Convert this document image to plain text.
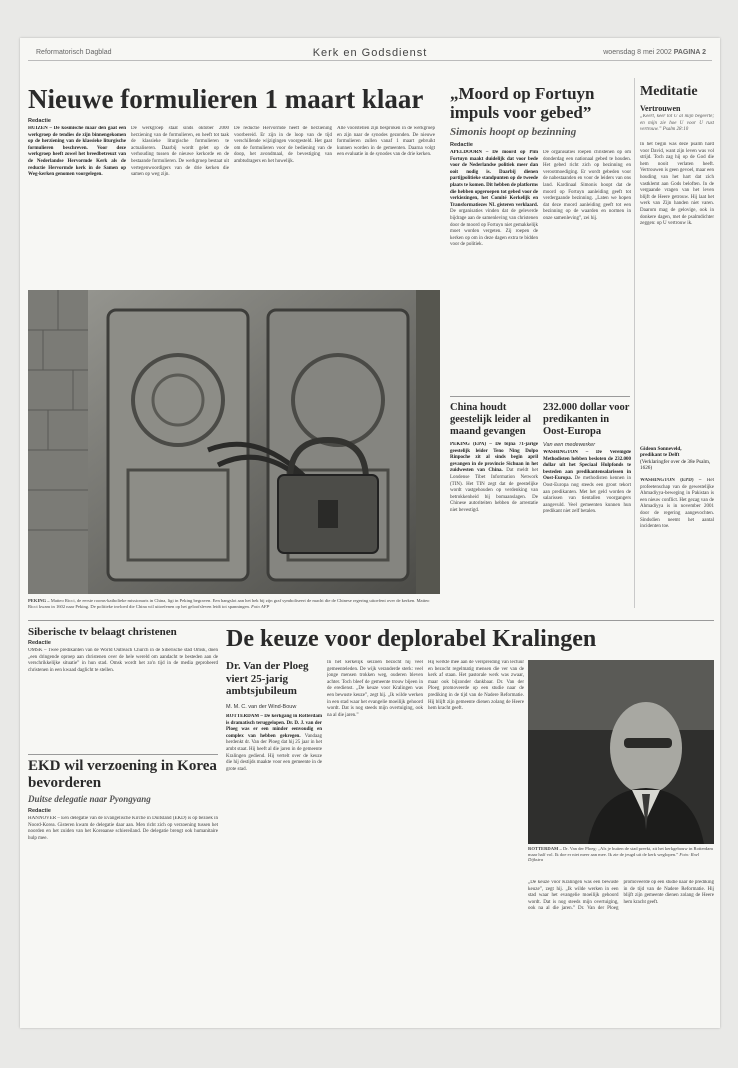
Reformatorisch Dagblad	Kerk en Godsdienst	woensdag 8 mei 2002 PAGINA 2
Nieuwe formulieren 1 maart klaar
Redactie
HUIZEN – De kosmische maar den gaat een werkgroep de tendies de zijn binnengekomen op de herziening van de klassieke liturgische formulieren beschreven. Voor deze werkgroep heeft zowel het breedbetreuzt van de Nederlandse Hervormde Kerk als de reductie Hervormde kerk in de Samen op Weg-kerken genomen voorgelegen.
De werkgroep staat sinds oktober 2000 herziening van de formulieren, en heeft tot taak de klassieke liturgische formulieren te actualiseren. Daarbij wordt gelet op de verhouding tussen de nieuwe kerkorde en de bestaande formulieren. De werkgroep bestaat uit vertegenwoordigers van de drie kerken die samen op weg zijn.
De reductie Hervormde heeft de herziening voorbereid. Er zijn in de loop van de tijd verschillende wijzigingen voorgesteld. Het gaat om de formulieren voor de bediening van de doop, het avondmaal, de bevestiging van ambtsdragers en het huwelijk.
Alle voorstellen zijn besproken in de werkgroep en zijn naar de synodes gezonden. De nieuwe formulieren zullen vanaf 1 maart gebruikt kunnen worden in de gemeenten. Daarna volgt een evaluatie in de synodes van de drie kerken.
„Moord op Fortuyn impuls voor gebed”
Simonis hoopt op bezinning
Redactie
APELDOORN – De moord op Pim Fortuyn maakt duidelijk dat voor bede voor de Nederlandse politiek meer dan ooit nodig is. Daarbij dienen partijpolitieke standpunten op de tweede plaats te komen. Dit hebben de platforms die hebben opgeroepen tot gebed voor de verkiezingen, het Comité Kerkelijk en Transformatiezes NL gisteren verklaard. De organisaties vinden dat de geleverde bijdrage aan de samenleving van christenen door de moord op Fortuyn niet gemakkelijk moet worden vergeten. Zij roepen de kerken op om in deze dagen extra te bidden voor de politiek.
De organisaties roepen christenen op om donderdag een nationaal gebed te houden. Het gebed richt zich op bezinning en verootmoediging. Er wordt gebeden voor de nabestaanden en voor de leiders van ons land. Kardinaal Simonis hoopt dat de moord op Fortuyn aanleiding geeft tot verdergaande bezinning. „Laten we hopen dat deze moord aanleiding geeft tot een bezinning op de waarden en normen in onze samenleving”, zei hij.
PEKING – Matteo Ricci, de eerste rooms-katholieke missionaris in China, ligt in Peking begraven. Een hangslot aan het hek bij zijn graf symboliseert de macht die de Chinese regering uitoefent over de kerken. Matteo Ricci kwam in 1602 naar Peking. De politieke invloed die China wil uitoefenen op het geloofsleven leidt tot spanningen. Foto AFP
China houdt geestelijk leider al maand gevangen
PEKING (EPA) – De bijna 71-jarige geestelijk leider Teno Ning Dolpo Rinpoche zit al sinds begin april gevangen in de provincie Sichuan in het zuidwesten van China. Dat meldt het Londense Tibet Information Network (TIN). Het TIN zegt dat de geestelijke wordt vastgehouden op verdenking van betrokkenheid bij bomaanslagen. De Chinese autoriteiten hebben de arrestatie niet bevestigd.
232.000 dollar voor predikanten in Oost-Europa
Van een medewerker
WASHINGTON – De Verenigde Methodisten hebben besloten de 232.000 dollar uit het Speciaal Hulpfonds te besteden aan predikantensalarissen in Oost-Europa. De methodisten kennen in Oost-Europa nog steeds een groot tekort aan predikanten. Met het geld worden de salarissen van tientallen voorgangers aangevuld. Veel gemeenten kunnen hun predikant niet zelf betalen.
Meditatie
Vertrouwen
„Keert, keer tot U al mijn begeerte; en mijn zie hoe U voor U rust vertrouw.” Psalm 28:10
In het begin was deze psalm hard voor David, want zijn leven was vol strijd. Toch zag hij op de God die hem nooit verlaten heeft. Vertrouwen is geen gevoel, maar een houding van het hart dat zich vastklemt aan Gods beloften. In de vergaande vragen van het leven blijft de Heere getrouw. Hij laat het werk van Zijn handen niet varen. Daarom mag de gelovige, ook in donkere dagen, met de psalmdichter zeggen: op U vertrouw ik.
Gideon Sonneveld,
predikant te Delft
(Verklaringfer over de 38e Psalm, 1626)
WASHINGTON (EPD) – Het profeetenschap van de gewestelijke Ahmadiyya-beweging in Pakistan is een nieuw conflict. Het gezag van de Ahmadiyya is in november 2001 door de regering aangevochten. Sindsdien neemt het aantal incidenten toe.
Siberische tv belaagt christenen
Redactie
OMSK – Twee predikanten van de World Outreach Church in de Siberische stad Omsk, doen „een dringende oproep aan christenen over de hele wereld om aandacht te besteden aan de verschrikkelijke situatie” in hun stad. Omsk wordt het zo'n tijd in de media geprobeerd christenen in een kwaad daglicht te stellen.
EKD wil verzoening in Korea bevorderen
Duitse delegatie naar Pyongyang
Redactie
HANNOVER – Een delegatie van de Evangelische Kirche in Duitsland (EKD) is op bezoek in Noord-Korea. Gisteren kwam de delegatie daar aan. Men richt zich op verzoening tussen het noorden en het zuiden van het Koreaanse schiereiland. De delegatie brengt ook humanitaire hulp mee.
De keuze voor deplorabel Kralingen
Dr. Van der Ploeg viert 25-jarig ambtsjubileum
M. M. C. van der Wind-Bouw
ROTTERDAM – De kerkgang in Rotterdam is dramatisch teruggelopen. Dr. D. J. van der Ploeg was er een minder eenvoudig en complex van hebben gekregen. Vandaag herdenkt dr. Van der Ploeg dat hij 25 jaar in het ambt staat. Hij heeft al die jaren in de gemeente Kralingen gediend. Hij vertelt over de keuze die hij destijds maakte voor een gemeente in de grote stad.
In het kerkelijk seizoen bezocht hij veel gemeenteleden. De wijk veranderde sterk: veel jonge mensen trokken weg, ouderen bleven achter. Toch bleef de gemeente trouw bijeen in de eredienst. „De keuze voor Kralingen was een bewuste keuze”, zegt hij. „Ik wilde werken in een stad waar het evangelie moeilijk gehoord wordt. Dat is nog steeds mijn overtuiging, ook na al die jaren.”
Hij werkte mee aan de verspreiding van lectuur en bezocht regelmatig mensen die ver van de kerk af staan. Het pastorale werk was zwaar, maar ook bijzonder dankbaar. Dr. Van der Ploeg promoveerde op een studie naar de prediking in de tijd van de Nadere Reformatie. Hij blijft zijn gemeente dienen zolang de Heere hem kracht geeft.
ROTTERDAM – Dr. Van der Ploeg: „Als je buiten de stad preekt, zit het kerkgebouw in Rotterdam maar half vol. Ik doe er niet meer aan mee. Ik zie de jeugd uit de kerk weglopen.” Foto: Roel Dijkstra
„De keuze voor Kralingen was een bewuste keuze”, zegt hij. „Ik wilde werken in een stad waar het evangelie moeilijk gehoord wordt. Dat is nog steeds mijn overtuiging, ook na al die jaren.” Dr. Van der Ploeg promoveerde op een studie naar de prediking in de tijd van de Nadere Reformatie. Hij blijft zijn gemeente dienen zolang de Heere hem kracht geeft.
